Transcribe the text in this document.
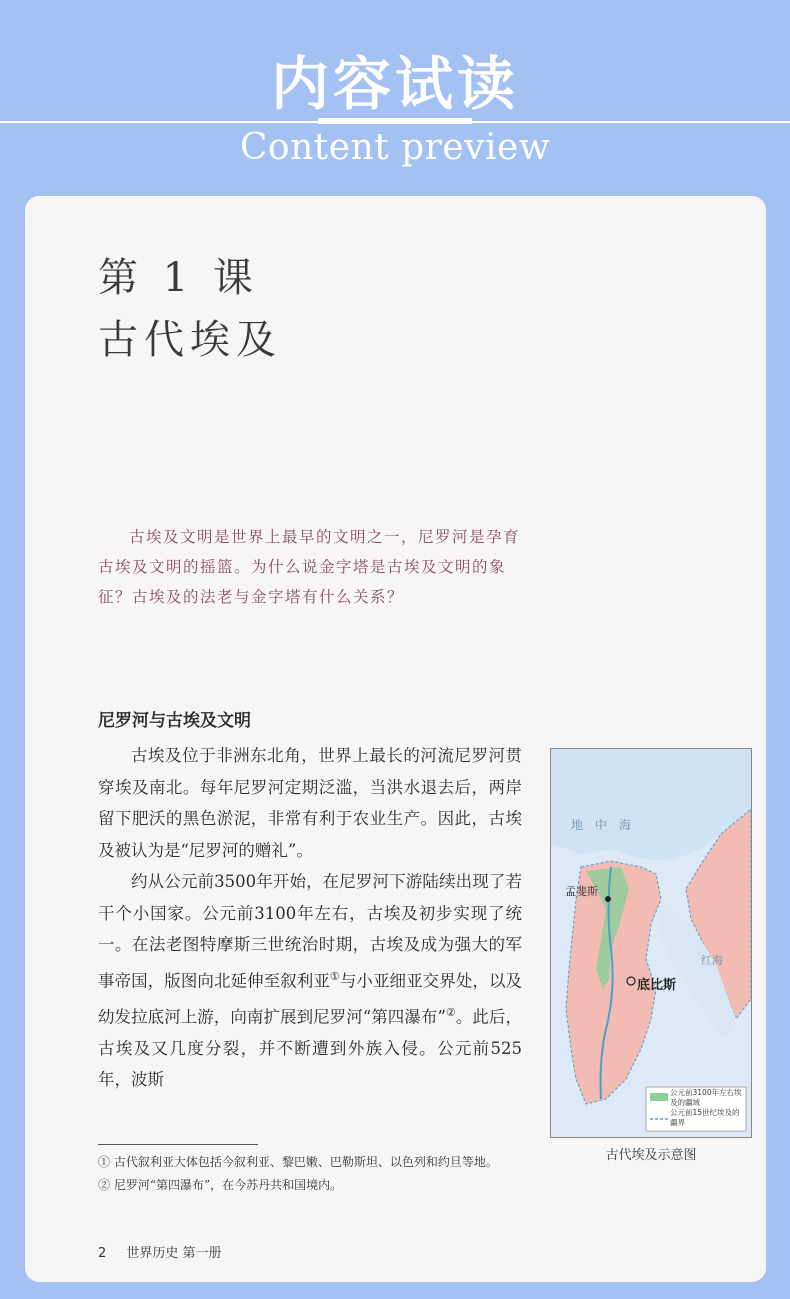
内容试读
Content preview
第 1 课
古代埃及
古埃及文明是世界上最早的文明之一，尼罗河是孕育古埃及文明的摇篮。为什么说金字塔是古埃及文明的象征？古埃及的法老与金字塔有什么关系？
尼罗河与古埃及文明

古埃及位于非洲东北角，世界上最长的河流尼罗河贯穿埃及南北。每年尼罗河定期泛滥，当洪水退去后，两岸留下肥沃的黑色淤泥，非常有利于农业生产。因此，古埃及被认为是“尼罗河的赠礼”。

约从公元前3500年开始，在尼罗河下游陆续出现了若干个小国家。公元前3100年左右，古埃及初步实现了统一。在法老图特摩斯三世统治时期，古埃及成为强大的军事帝国，版图向北延伸至叙利亚①与小亚细亚交界处，以及幼发拉底河上游，向南扩展到尼罗河“第四瀑布”②。此后，古埃及又几度分裂，并不断遭到外族入侵。公元前525年，波斯

① 古代叙利亚大体包括今叙利亚、黎巴嫩、巴勒斯坦、以色列和约旦等地。
② 尼罗河“第四瀑布”，在今苏丹共和国境内。
2 世界历史 第一册
地中海
红海
孟斐斯
底比斯
公元前3100年左右埃及的疆域
公元前15世纪埃及的疆界
古代埃及示意图
